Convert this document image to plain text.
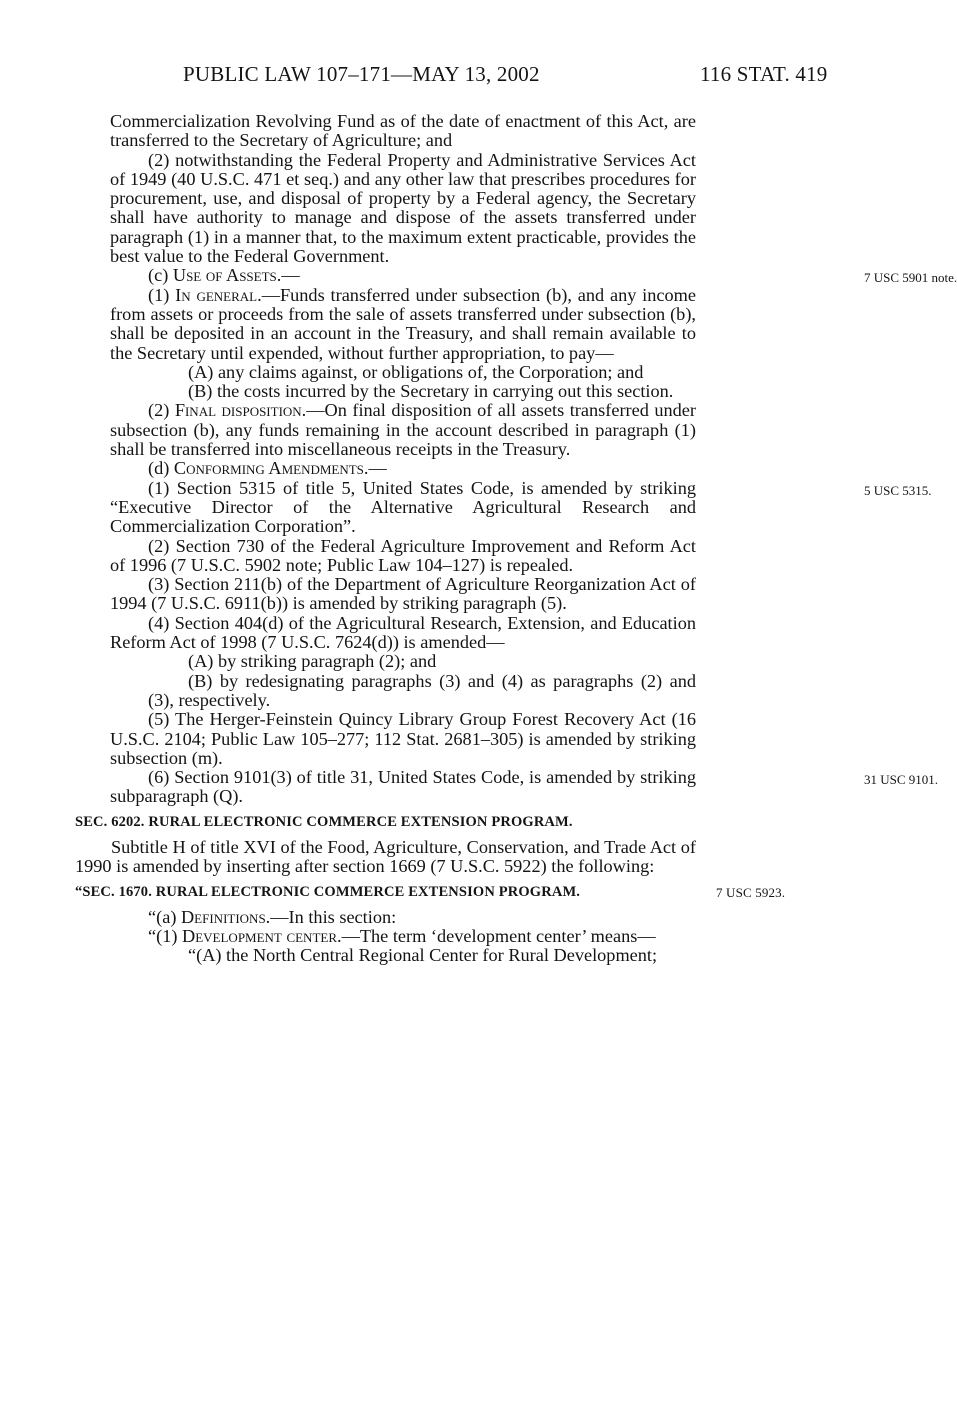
PUBLIC LAW 107–171—MAY 13, 2002	116 STAT. 419

Commercialization Revolving Fund as of the date of enactment of this Act, are transferred to the Secretary of Agriculture; and

(2) notwithstanding the Federal Property and Administrative Services Act of 1949 (40 U.S.C. 471 et seq.) and any other law that prescribes procedures for procurement, use, and disposal of property by a Federal agency, the Secretary shall have authority to manage and dispose of the assets transferred under paragraph (1) in a manner that, to the maximum extent practicable, provides the best value to the Federal Government.

(c) Use of Assets.—	7 USC 5901 note.

(1) In general.—Funds transferred under subsection (b), and any income from assets or proceeds from the sale of assets transferred under subsection (b), shall be deposited in an account in the Treasury, and shall remain available to the Secretary until expended, without further appropriation, to pay—

(A) any claims against, or obligations of, the Corporation; and

(B) the costs incurred by the Secretary in carrying out this section.

(2) Final disposition.—On final disposition of all assets transferred under subsection (b), any funds remaining in the account described in paragraph (1) shall be transferred into miscellaneous receipts in the Treasury.

(d) Conforming Amendments.—

(1) Section 5315 of title 5, United States Code, is amended by striking “Executive Director of the Alternative Agricultural Research and Commercialization Corporation”.
5 USC 5315.

(2) Section 730 of the Federal Agriculture Improvement and Reform Act of 1996 (7 U.S.C. 5902 note; Public Law 104–127) is repealed.

(3) Section 211(b) of the Department of Agriculture Reorganization Act of 1994 (7 U.S.C. 6911(b)) is amended by striking paragraph (5).

(4) Section 404(d) of the Agricultural Research, Extension, and Education Reform Act of 1998 (7 U.S.C. 7624(d)) is amended—

(A) by striking paragraph (2); and

(B) by redesignating paragraphs (3) and (4) as paragraphs (2) and (3), respectively.

(5) The Herger-Feinstein Quincy Library Group Forest Recovery Act (16 U.S.C. 2104; Public Law 105–277; 112 Stat. 2681–305) is amended by striking subsection (m).

(6) Section 9101(3) of title 31, United States Code, is amended by striking subparagraph (Q).
31 USC 9101.

SEC. 6202. RURAL ELECTRONIC COMMERCE EXTENSION PROGRAM.

Subtitle H of title XVI of the Food, Agriculture, Conservation, and Trade Act of 1990 is amended by inserting after section 1669 (7 U.S.C. 5922) the following:

“SEC. 1670. RURAL ELECTRONIC COMMERCE EXTENSION PROGRAM.	7 USC 5923.

“(a) Definitions.—In this section:

“(1) Development center.—The term ‘development center’ means—

“(A) the North Central Regional Center for Rural Development;
